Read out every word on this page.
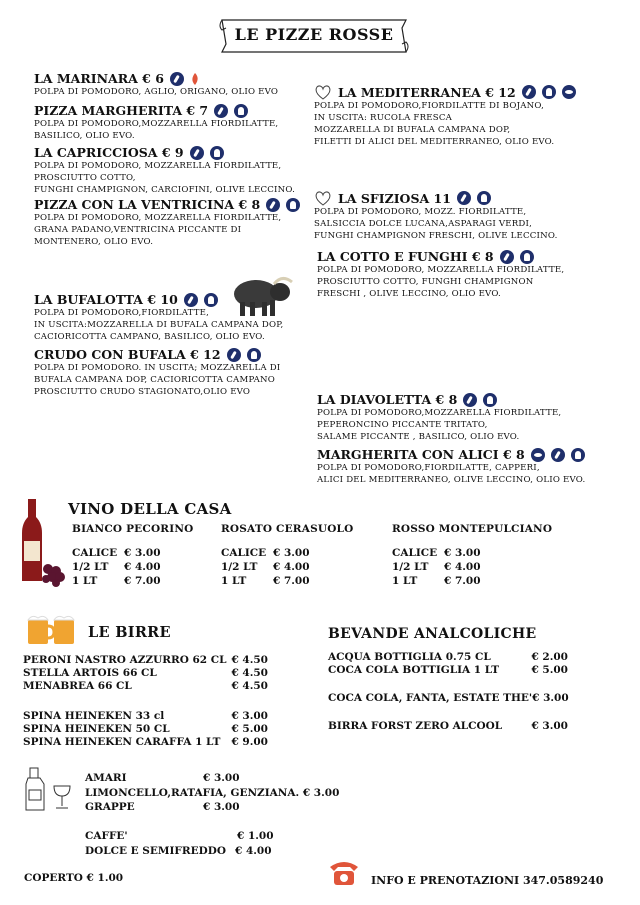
LE PIZZE ROSSE
LA MARINARA € 6
POLPA DI POMODORO, AGLIO, ORIGANO, OLIO EVO
PIZZA MARGHERITA € 7
POLPA DI POMODORO,MOZZARELLA FIORDILATTE,
BASILICO, OLIO EVO.
LA CAPRICCIOSA € 9
POLPA DI POMODORO, MOZZARELLA FIORDILATTE,
PROSCIUTTO COTTO,
FUNGHI CHAMPIGNON, CARCIOFINI, OLIVE LECCINO.
PIZZA CON LA VENTRICINA € 8
POLPA DI POMODORO, MOZZARELLA FIORDILATTE,
GRANA PADANO,VENTRICINA PICCANTE DI
MONTENERO, OLIO EVO.
LA BUFALOTTA € 10
POLPA DI POMODORO,FIORDILATTE,
IN USCITA:MOZZARELLA DI BUFALA CAMPANA DOP,
CACIORICOTTA CAMPANO, BASILICO, OLIO EVO.
CRUDO CON BUFALA € 12
POLPA DI POMODORO. IN USCITA; MOZZARELLA DI
BUFALA CAMPANA DOP, CACIORICOTTA CAMPANO
PROSCIUTTO CRUDO STAGIONATO,OLIO EVO
LA MEDITERRANEA € 12
POLPA DI POMODORO,FIORDILATTE DI BOJANO,
IN USCITA: RUCOLA FRESCA
MOZZARELLA DI BUFALA CAMPANA DOP,
FILETTI DI ALICI DEL MEDITERRANEO, OLIO EVO.
LA SFIZIOSA 11
POLPA DI POMODORO, MOZZ. FIORDILATTE,
SALSICCIA DOLCE LUCANA,ASPARAGI VERDI,
FUNGHI CHAMPIGNON FRESCHI, OLIVE LECCINO.
LA COTTO E FUNGHI € 8
POLPA DI POMODORO, MOZZARELLA FIORDILATTE,
PROSCIUTTO COTTO, FUNGHI CHAMPIGNON
FRESCHI , OLIVE LECCINO, OLIO EVO.
LA DIAVOLETTA € 8
POLPA DI POMODORO,MOZZARELLA FIORDILATTE,
PEPERONCINO PICCANTE TRITATO,
SALAME PICCANTE , BASILICO, OLIO EVO.
MARGHERITA CON ALICI € 8
POLPA DI POMODORO,FIORDILATTE, CAPPERI,
ALICI DEL MEDITERRANEO, OLIVE LECCINO, OLIO EVO.
VINO DELLA CASA
BIANCO PECORINO
CALICE € 3.00
1/2 LT	€ 4.00
1 LT	€ 7.00
ROSATO CERASUOLO
CALICE € 3.00
1/2 LT	€ 4.00
1 LT	€ 7.00
ROSSO MONTEPULCIANO
CALICE € 3.00
1/2 LT	€ 4.00
1 LT	€ 7.00
LE BIRRE
PERONI NASTRO AZZURRO 62 CL € 4.50
STELLA ARTOIS 66 CL	€ 4.50
MENABREA 66 CL	€ 4.50
SPINA HEINEKEN 33 cl	€ 3.00
SPINA HEINEKEN 50 CL	€ 5.00
SPINA HEINEKEN CARAFFA 1 LT € 9.00
BEVANDE ANALCOLICHE
ACQUA BOTTIGLIA 0.75 CL	€ 2.00
COCA COLA BOTTIGLIA 1 LT	€ 5.00
COCA COLA, FANTA, ESTATE THE' € 3.00
BIRRA FORST ZERO ALCOOL	€ 3.00
AMARI	€ 3.00
LIMONCELLO,RATAFIA, GENZIANA. € 3.00
GRAPPE	€ 3.00
CAFFE'	€ 1.00
DOLCE E SEMIFREDDO € 4.00
COPERTO € 1.00	INFO E PRENOTAZIONI 347.0589240
